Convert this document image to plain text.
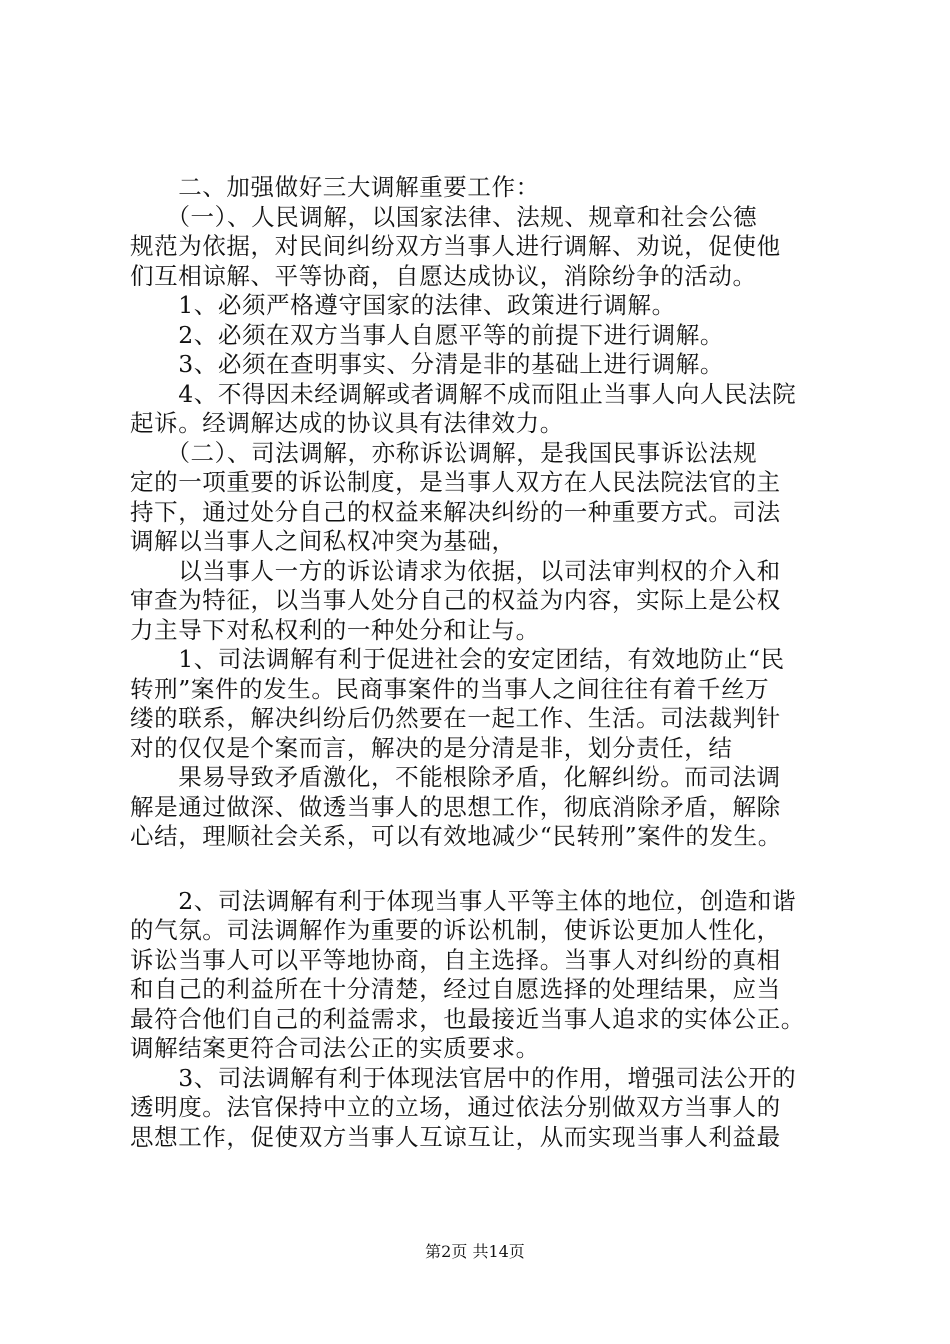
　　二、加强做好三大调解重要工作：
　　（一）、人民调解，以国家法律、法规、规章和社会公德
规范为依据，对民间纠纷双方当事人进行调解、劝说，促使他
们互相谅解、平等协商，自愿达成协议，消除纷争的活动。
　　1、必须严格遵守国家的法律、政策进行调解。
　　2、必须在双方当事人自愿平等的前提下进行调解。
　　3、必须在查明事实、分清是非的基础上进行调解。
　　4、不得因未经调解或者调解不成而阻止当事人向人民法院
起诉。经调解达成的协议具有法律效力。
　　（二）、司法调解，亦称诉讼调解，是我国民事诉讼法规
定的一项重要的诉讼制度，是当事人双方在人民法院法官的主
持下，通过处分自己的权益来解决纠纷的一种重要方式。司法
调解以当事人之间私权冲突为基础，
　　以当事人一方的诉讼请求为依据，以司法审判权的介入和
审查为特征，以当事人处分自己的权益为内容，实际上是公权
力主导下对私权利的一种处分和让与。
　　1、司法调解有利于促进社会的安定团结，有效地防止“民
转刑”案件的发生。民商事案件的当事人之间往往有着千丝万
缕的联系，解决纠纷后仍然要在一起工作、生活。司法裁判针
对的仅仅是个案而言，解决的是分清是非，划分责任，结
　　果易导致矛盾激化，不能根除矛盾，化解纠纷。而司法调
解是通过做深、做透当事人的思想工作，彻底消除矛盾，解除
心结，理顺社会关系，可以有效地减少“民转刑”案件的发生。
　　2、司法调解有利于体现当事人平等主体的地位，创造和谐
的气氛。司法调解作为重要的诉讼机制，使诉讼更加人性化，
诉讼当事人可以平等地协商，自主选择。当事人对纠纷的真相
和自己的利益所在十分清楚，经过自愿选择的处理结果，应当
最符合他们自己的利益需求，也最接近当事人追求的实体公正。
调解结案更符合司法公正的实质要求。
　　3、司法调解有利于体现法官居中的作用，增强司法公开的
透明度。法官保持中立的立场，通过依法分别做双方当事人的
思想工作，促使双方当事人互谅互让，从而实现当事人利益最
第2页 共14页
